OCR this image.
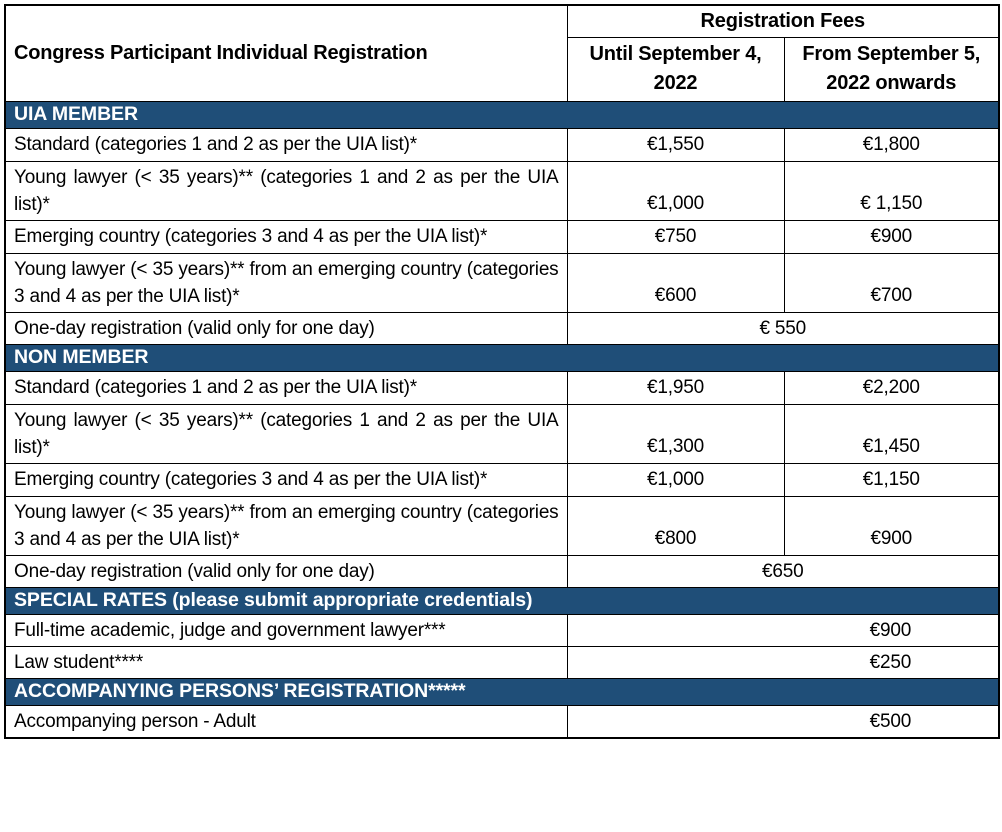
Congress Participant Individual Registration	Registration Fees	
	Until September 4, 2022	From September 5, 2022 onwards
UIA MEMBER		
Standard (categories 1 and 2 as per the UIA list)*	€1,550	€1,800
Young lawyer (< 35 years)** (categories 1 and 2 as per the UIA list)*	€1,000	€ 1,150
Emerging country (categories 3 and 4 as per the UIA list)*	€750	€900
Young lawyer (< 35 years)** from an emerging country (categories 3 and 4 as per the UIA list)*	€600	€700
One-day registration (valid only for one day)	€ 550	
NON MEMBER		
Standard (categories 1 and 2 as per the UIA list)*	€1,950	€2,200
Young lawyer (< 35 years)** (categories 1 and 2 as per the UIA list)*	€1,300	€1,450
Emerging country (categories 3 and 4 as per the UIA list)*	€1,000	€1,150
Young lawyer (< 35 years)** from an emerging country (categories 3 and 4 as per the UIA list)*	€800	€900
One-day registration (valid only for one day)	€650	
SPECIAL RATES (please submit appropriate credentials)		
Full-time academic, judge and government lawyer***	€900	

Law student****	€250	

ACCOMPANYING PERSONS’ REGISTRATION*****		
Accompanying person - Adult	€500	
